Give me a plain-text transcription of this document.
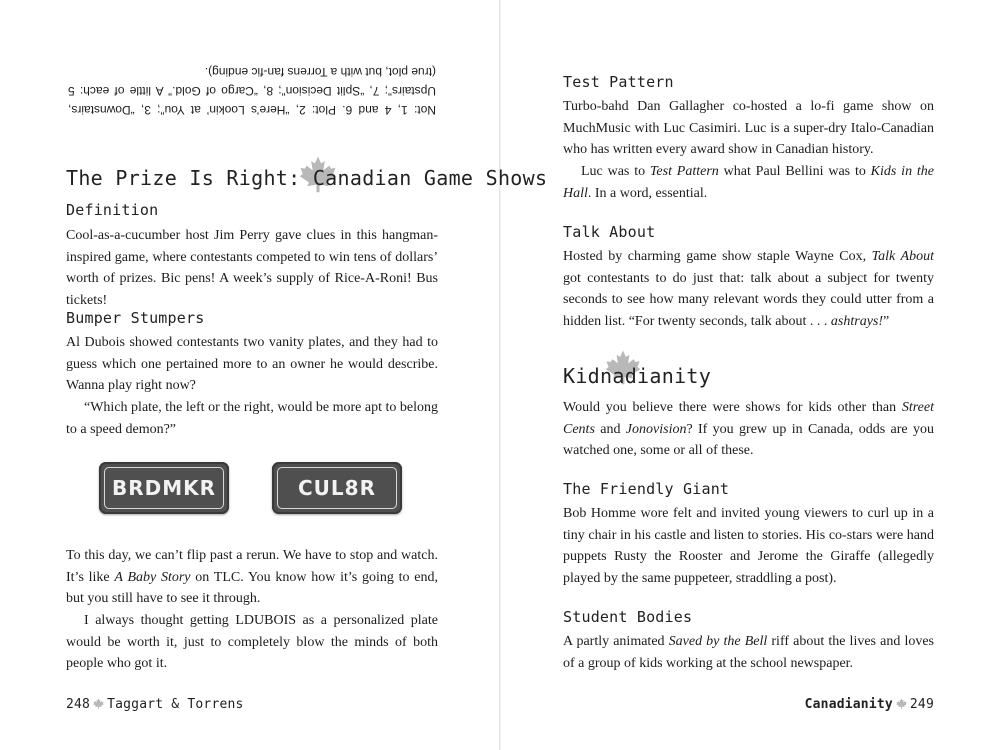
Not: 1, 4 and 6. Plot: 2, “Here’s Lookin’ at You”; 3, “Downstairs, Upstairs”; 7, “Split Decision”; 8, “Cargo of Gold.” A little of each: 5 (true plot, but with a Torrens fan-fic ending).
The Prize Is Right: Canadian Game Shows
Definition

Cool-as-a-cucumber host Jim Perry gave clues in this hangman-inspired game, where contestants competed to win tens of dollars’ worth of prizes. Bic pens! A week’s supply of Rice-A-Roni! Bus tickets!

Bumper Stumpers

Al Dubois showed contestants two vanity plates, and they had to guess which one pertained more to an owner he would describe. Wanna play right now?

“Which plate, the left or the right, would be more apt to belong to a speed demon?”

BRDMKR	CUL8R

To this day, we can’t flip past a rerun. We have to stop and watch. It’s like A Baby Story on TLC. You know how it’s going to end, but you still have to see it through.

I always thought getting LDUBOIS as a personalized plate would be worth it, just to completely blow the minds of both people who got it.

248 Taggart & Torrens
Test Pattern

Turbo-bahd Dan Gallagher co-hosted a lo-fi game show on MuchMusic with Luc Casimiri. Luc is a super-dry Italo-Canadian who has written every award show in Canadian history.

Luc was to Test Pattern what Paul Bellini was to Kids in the Hall. In a word, essential.

Talk About

Hosted by charming game show staple Wayne Cox, Talk About got contestants to do just that: talk about a subject for twenty seconds to see how many relevant words they could utter from a hidden list. “For twenty seconds, talk about . . . ashtrays!”

Kidnadianity

Would you believe there were shows for kids other than Street Cents and Jonovision? If you grew up in Canada, odds are you watched one, some or all of these.

The Friendly Giant

Bob Homme wore felt and invited young viewers to curl up in a tiny chair in his castle and listen to stories. His co-stars were hand puppets Rusty the Rooster and Jerome the Giraffe (allegedly played by the same puppeteer, straddling a post).

Student Bodies

A partly animated Saved by the Bell riff about the lives and loves of a group of kids working at the school newspaper.

Canadianity 249
